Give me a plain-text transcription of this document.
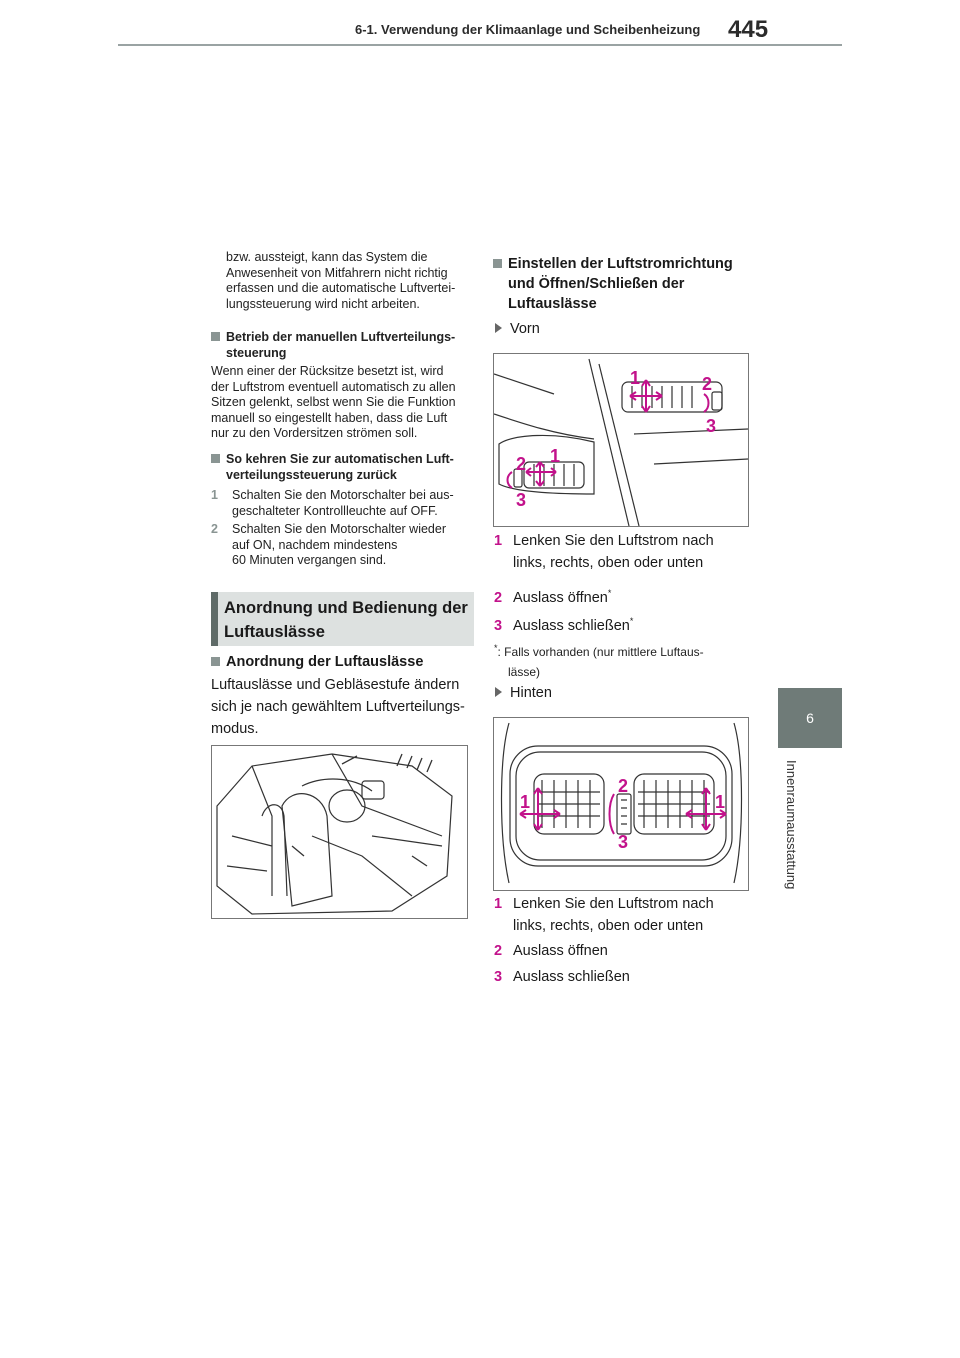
6-1. Verwendung der Klimaanlage und Scheibenheizung 445
6
Innenraumausstattung
bzw. aussteigt, kann das System die
Anwesenheit von Mitfahrern nicht richtig
erfassen und die automatische Luftvertei-
lungssteuerung wird nicht arbeiten.
Betrieb der manuellen Luftverteilungs-
steuerung
Wenn einer der Rücksitze besetzt ist, wird
der Luftstrom eventuell automatisch zu allen
Sitzen gelenkt, selbst wenn Sie die Funktion
manuell so eingestellt haben, dass die Luft
nur zu den Vordersitzen strömen soll.
So kehren Sie zur automatischen Luft-
verteilungssteuerung zurück
1	Schalten Sie den Motorschalter bei aus-
geschalteter Kontrollleuchte auf OFF.
2	Schalten Sie den Motorschalter wieder
auf ON, nachdem mindestens
60 Minuten vergangen sind.
Anordnung und Bedienung der
Luftauslässe
Anordnung der Luftauslässe
Luftauslässe und Gebläsestufe ändern
sich je nach gewähltem Luftverteilungs-
modus.
Einstellen der Luftstromrichtung
und Öffnen/Schließen der
Luftauslässe
Vorn
1	2
3
1
2
3
1 Lenken Sie den Luftstrom nach
links, rechts, oben oder unten
2 Auslass öffnen*
3 Auslass schließen*
*: Falls vorhanden (nur mittlere Luftaus-
lässe)
Hinten
1
2
3
1
1 Lenken Sie den Luftstrom nach
links, rechts, oben oder unten
2 Auslass öffnen
3 Auslass schließen
